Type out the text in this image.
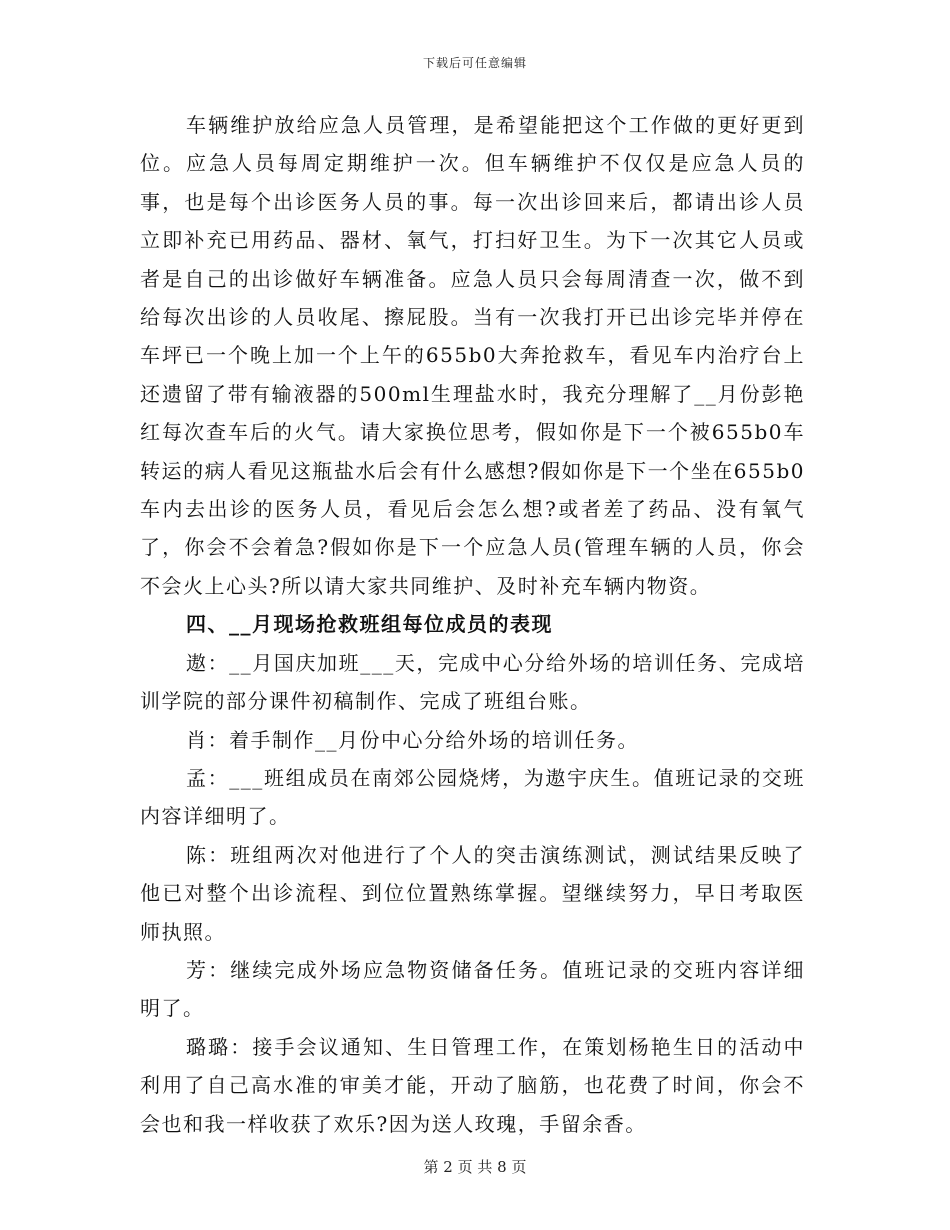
下载后可任意编辑

车辆维护放给应急人员管理，是希望能把这个工作做的更好更到位。应急人员每周定期维护一次。但车辆维护不仅仅是应急人员的事，也是每个出诊医务人员的事。每一次出诊回来后，都请出诊人员立即补充已用药品、器材、氧气，打扫好卫生。为下一次其它人员或者是自己的出诊做好车辆准备。应急人员只会每周清查一次，做不到给每次出诊的人员收尾、擦屁股。当有一次我打开已出诊完毕并停在车坪已一个晚上加一个上午的655b0大奔抢救车，看见车内治疗台上还遗留了带有输液器的500ml生理盐水时，我充分理解了__月份彭艳红每次查车后的火气。请大家换位思考，假如你是下一个被655b0车转运的病人看见这瓶盐水后会有什么感想?假如你是下一个坐在655b0车内去出诊的医务人员，看见后会怎么想?或者差了药品、没有氧气了，你会不会着急?假如你是下一个应急人员(管理车辆的人员，你会不会火上心头?所以请大家共同维护、及时补充车辆内物资。

四、__月现场抢救班组每位成员的表现

遨：__月国庆加班___天，完成中心分给外场的培训任务、完成培训学院的部分课件初稿制作、完成了班组台账。

肖：着手制作__月份中心分给外场的培训任务。

孟：___班组成员在南郊公园烧烤，为遨宇庆生。值班记录的交班内容详细明了。

陈：班组两次对他进行了个人的突击演练测试，测试结果反映了他已对整个出诊流程、到位位置熟练掌握。望继续努力，早日考取医师执照。

芳：继续完成外场应急物资储备任务。值班记录的交班内容详细明了。

璐璐：接手会议通知、生日管理工作，在策划杨艳生日的活动中利用了自己高水准的审美才能，开动了脑筋，也花费了时间，你会不会也和我一样收获了欢乐?因为送人玫瑰，手留余香。

第 2 页 共 8 页
